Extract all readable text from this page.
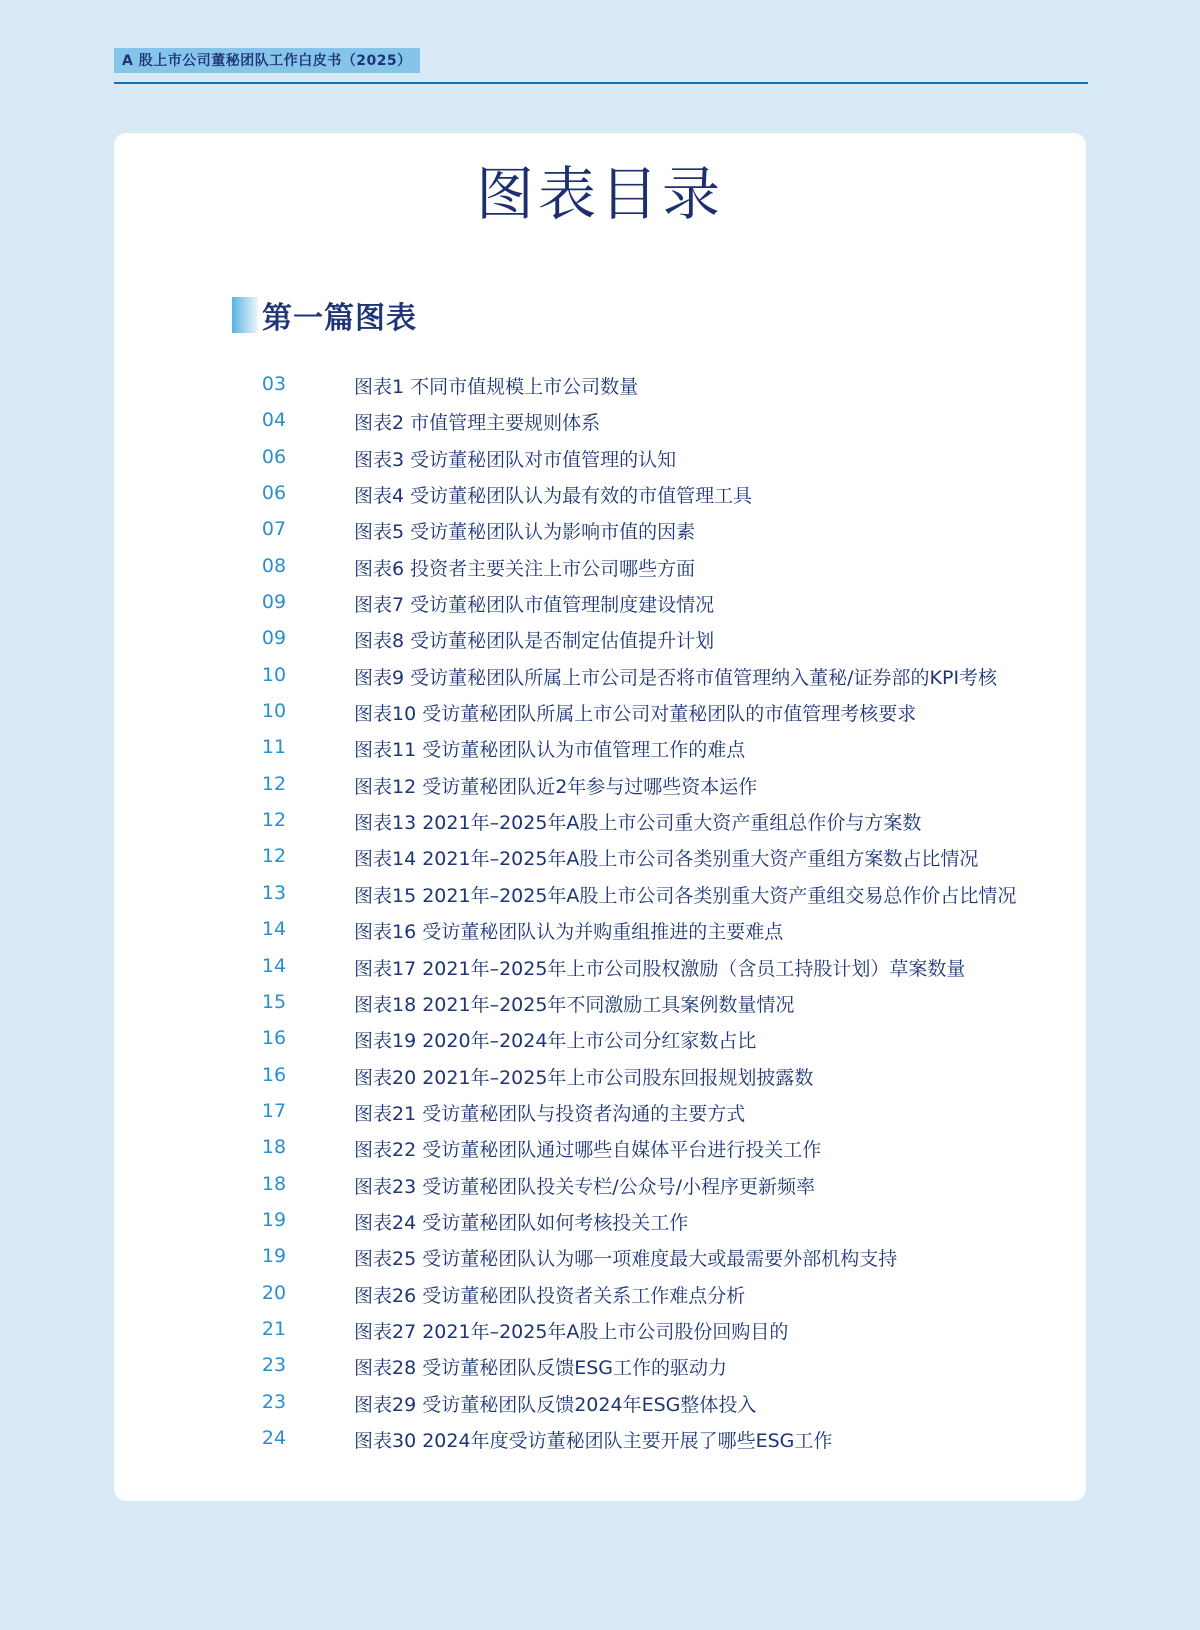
A 股上市公司董秘团队工作白皮书（2025）
图表目录
第一篇图表
03	图表1 不同市值规模上市公司数量
04	图表2 市值管理主要规则体系
06	图表3 受访董秘团队对市值管理的认知
06	图表4 受访董秘团队认为最有效的市值管理工具
07	图表5 受访董秘团队认为影响市值的因素
08	图表6 投资者主要关注上市公司哪些方面
09	图表7 受访董秘团队市值管理制度建设情况
09	图表8 受访董秘团队是否制定估值提升计划
10	图表9 受访董秘团队所属上市公司是否将市值管理纳入董秘/证券部的KPI考核
10	图表10 受访董秘团队所属上市公司对董秘团队的市值管理考核要求
11	图表11 受访董秘团队认为市值管理工作的难点
12	图表12 受访董秘团队近2年参与过哪些资本运作
12	图表13 2021年–2025年A股上市公司重大资产重组总作价与方案数
12	图表14 2021年–2025年A股上市公司各类别重大资产重组方案数占比情况
13	图表15 2021年–2025年A股上市公司各类别重大资产重组交易总作价占比情况
14	图表16 受访董秘团队认为并购重组推进的主要难点
14	图表17 2021年–2025年上市公司股权激励（含员工持股计划）草案数量
15	图表18 2021年–2025年不同激励工具案例数量情况
16	图表19 2020年–2024年上市公司分红家数占比
16	图表20 2021年–2025年上市公司股东回报规划披露数
17	图表21 受访董秘团队与投资者沟通的主要方式
18	图表22 受访董秘团队通过哪些自媒体平台进行投关工作
18	图表23 受访董秘团队投关专栏/公众号/小程序更新频率
19	图表24 受访董秘团队如何考核投关工作
19	图表25 受访董秘团队认为哪一项难度最大或最需要外部机构支持
20	图表26 受访董秘团队投资者关系工作难点分析
21	图表27 2021年–2025年A股上市公司股份回购目的
23	图表28 受访董秘团队反馈ESG工作的驱动力
23	图表29 受访董秘团队反馈2024年ESG整体投入
24	图表30 2024年度受访董秘团队主要开展了哪些ESG工作
